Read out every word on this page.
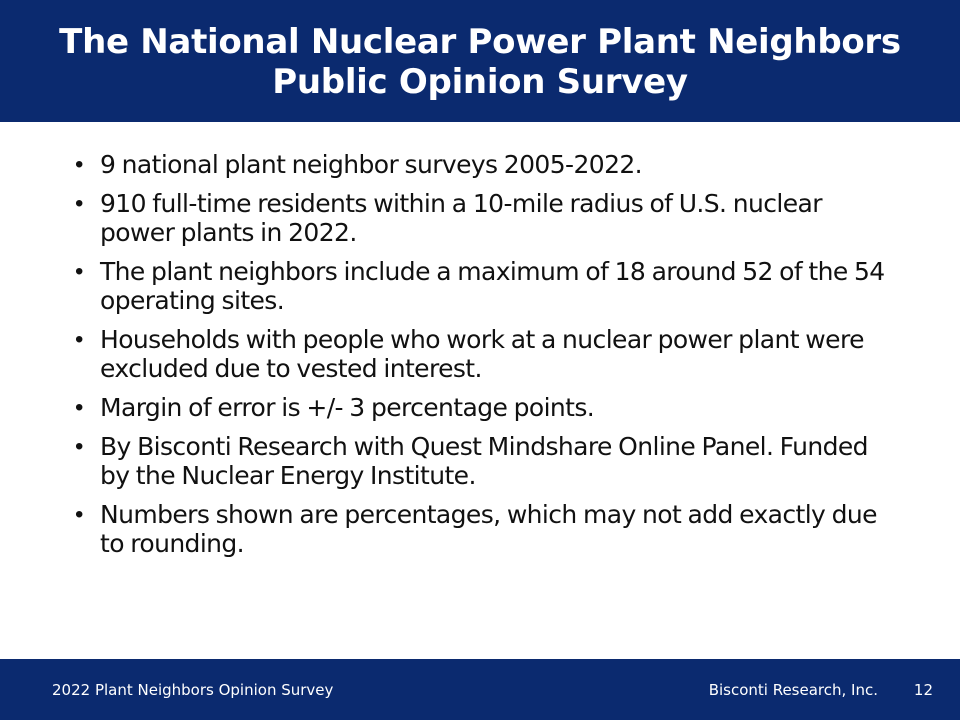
The National Nuclear Power Plant Neighbors
Public Opinion Survey
• 9 national plant neighbor surveys 2005-2022.
• 910 full-time residents within a 10-mile radius of U.S. nuclear power plants in 2022.
• The plant neighbors include a maximum of 18 around 52 of the 54 operating sites.
• Households with people who work at a nuclear power plant were excluded due to vested interest.
• Margin of error is +/- 3 percentage points.
• By Bisconti Research with Quest Mindshare Online Panel. Funded by the Nuclear Energy Institute.
• Numbers shown are percentages, which may not add exactly due to rounding.
2022 Plant Neighbors Opinion Survey	Bisconti Research, Inc. 12
